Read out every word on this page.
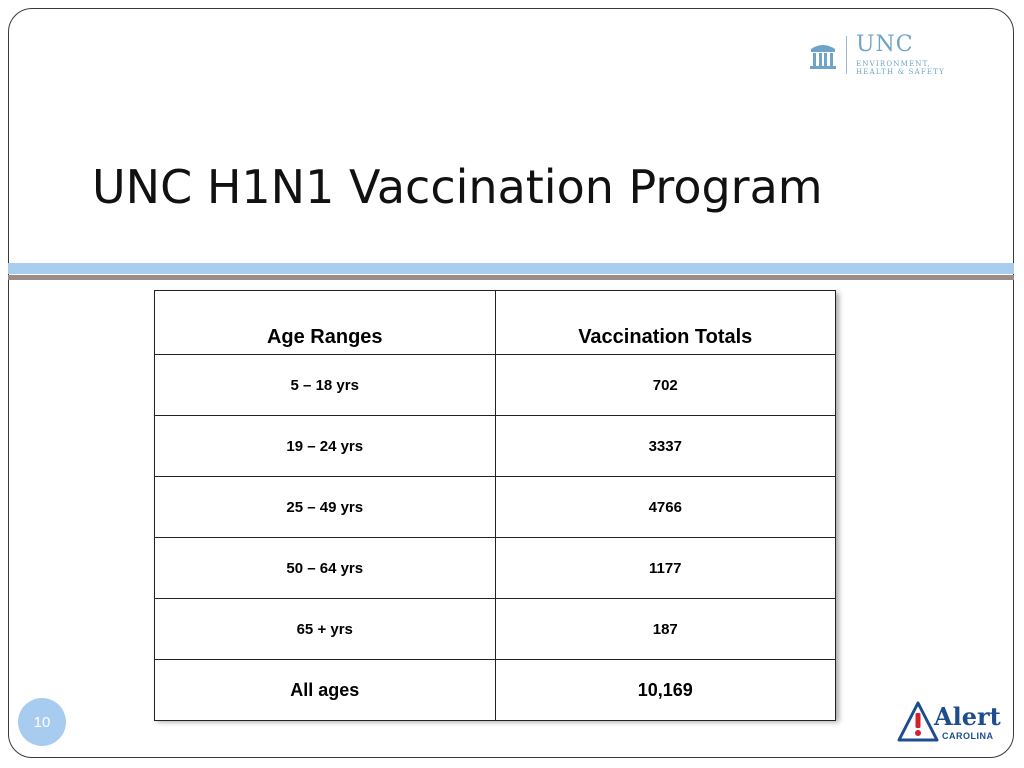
UNC
ENVIRONMENT,
HEALTH & SAFETY
UNC H1N1 Vaccination Program
Age Ranges	Vaccination Totals
5 – 18 yrs	702
19 – 24 yrs	3337
25 – 49 yrs	4766
50 – 64 yrs	1177
65 + yrs	187
All ages	10,169
10	Alert
CAROLINA
